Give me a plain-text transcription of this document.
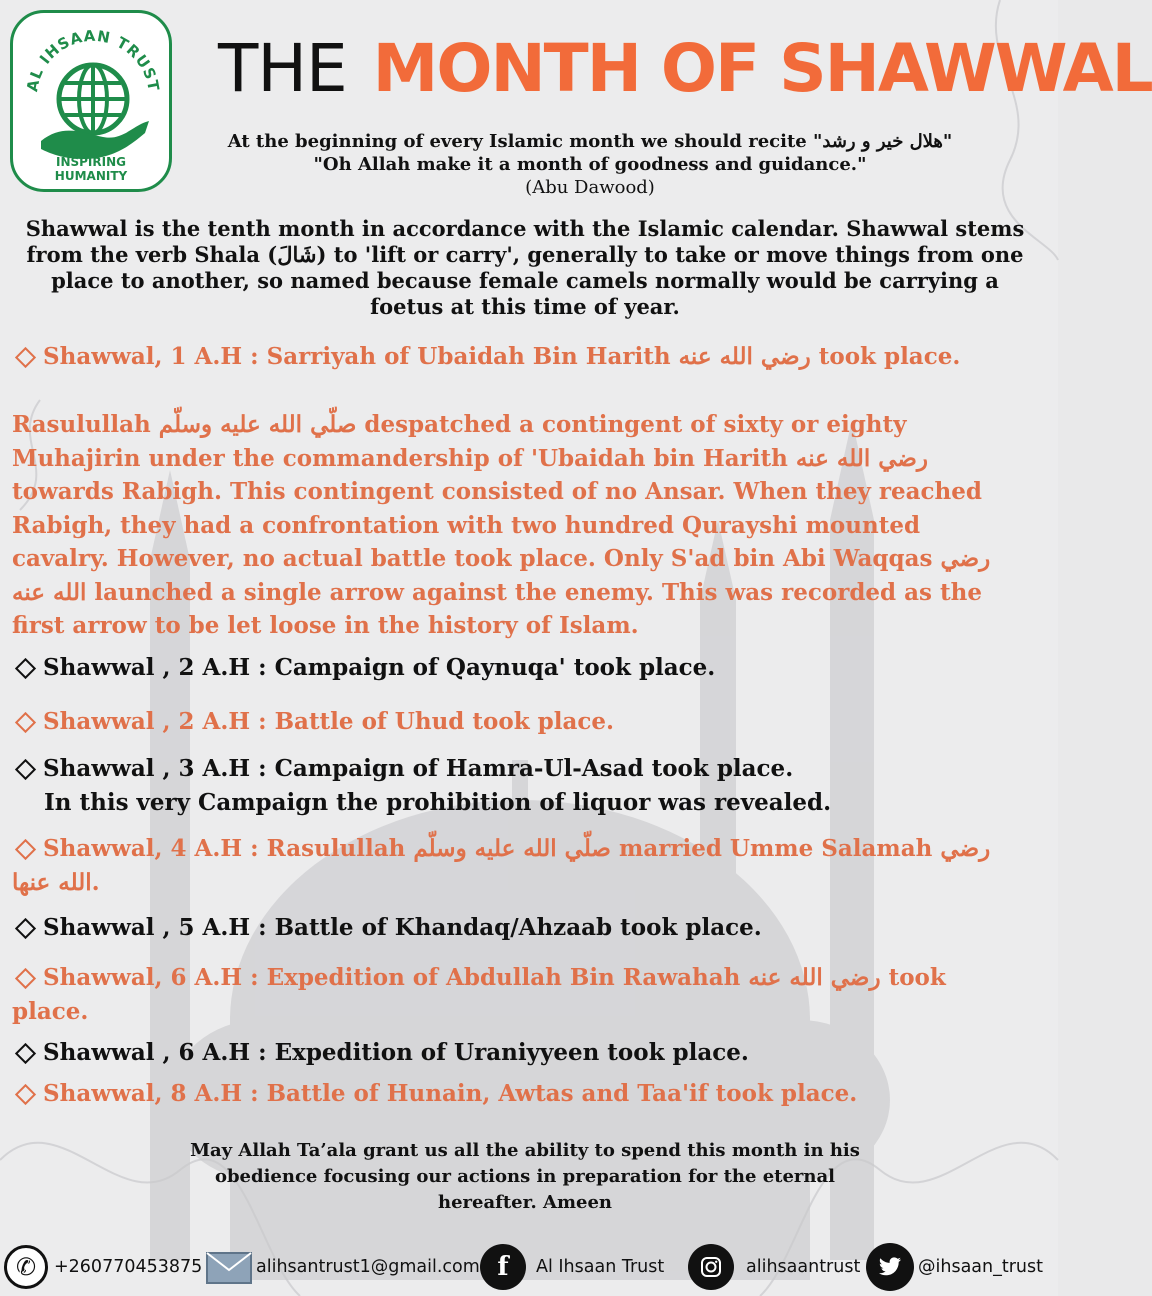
AL IHSAAN TRUST
INSPIRING HUMANITY
THE MONTH OF SHAWWAL
At the beginning of every Islamic month we should recite "هلال خير و رشد"
"Oh Allah make it a month of goodness and guidance."
(Abu Dawood)
Shawwal is the tenth month in accordance with the Islamic calendar. Shawwal stems from the verb Shala (شَالَ) to 'lift or carry', generally to take or move things from one place to another, so named because female camels normally would be carrying a foetus at this time of year.
Shawwal, 1 A.H : Sarriyah of Ubaidah Bin Harith رضي الله عنه took place.
Rasulullah صلّي الله عليه وسلّم despatched a contingent of sixty or eighty Muhajirin under the commandership of 'Ubaidah bin Harith رضي الله عنه towards Rabigh. This contingent consisted of no Ansar. When they reached Rabigh, they had a confrontation with two hundred Qurayshi mounted cavalry. However, no actual battle took place. Only S'ad bin Abi Waqqas رضي الله عنه launched a single arrow against the enemy. This was recorded as the first arrow to be let loose in the history of Islam.
Shawwal , 2 A.H : Campaign of Qaynuqa' took place.
Shawwal , 2 A.H : Battle of Uhud took place.
Shawwal , 3 A.H : Campaign of Hamra-Ul-Asad took place.
In this very Campaign the prohibition of liquor was revealed.
Shawwal, 4 A.H : Rasulullah صلّي الله عليه وسلّم married Umme Salamah رضي الله عنها.
Shawwal , 5 A.H : Battle of Khandaq/Ahzaab took place.
Shawwal, 6 A.H : Expedition of Abdullah Bin Rawahah رضي الله عنه took place.
Shawwal , 6 A.H : Expedition of Uraniyyeen took place.
Shawwal, 8 A.H : Battle of Hunain, Awtas and Taa'if took place.
May Allah Ta’ala grant us all the ability to spend this month in his obedience focusing our actions in preparation for the eternal hereafter. Ameen
✆	+260770453875	alihsantrust1@gmail.com f	Al Ihsaan Trust	alihsaantrust	@ihsaan_trust
